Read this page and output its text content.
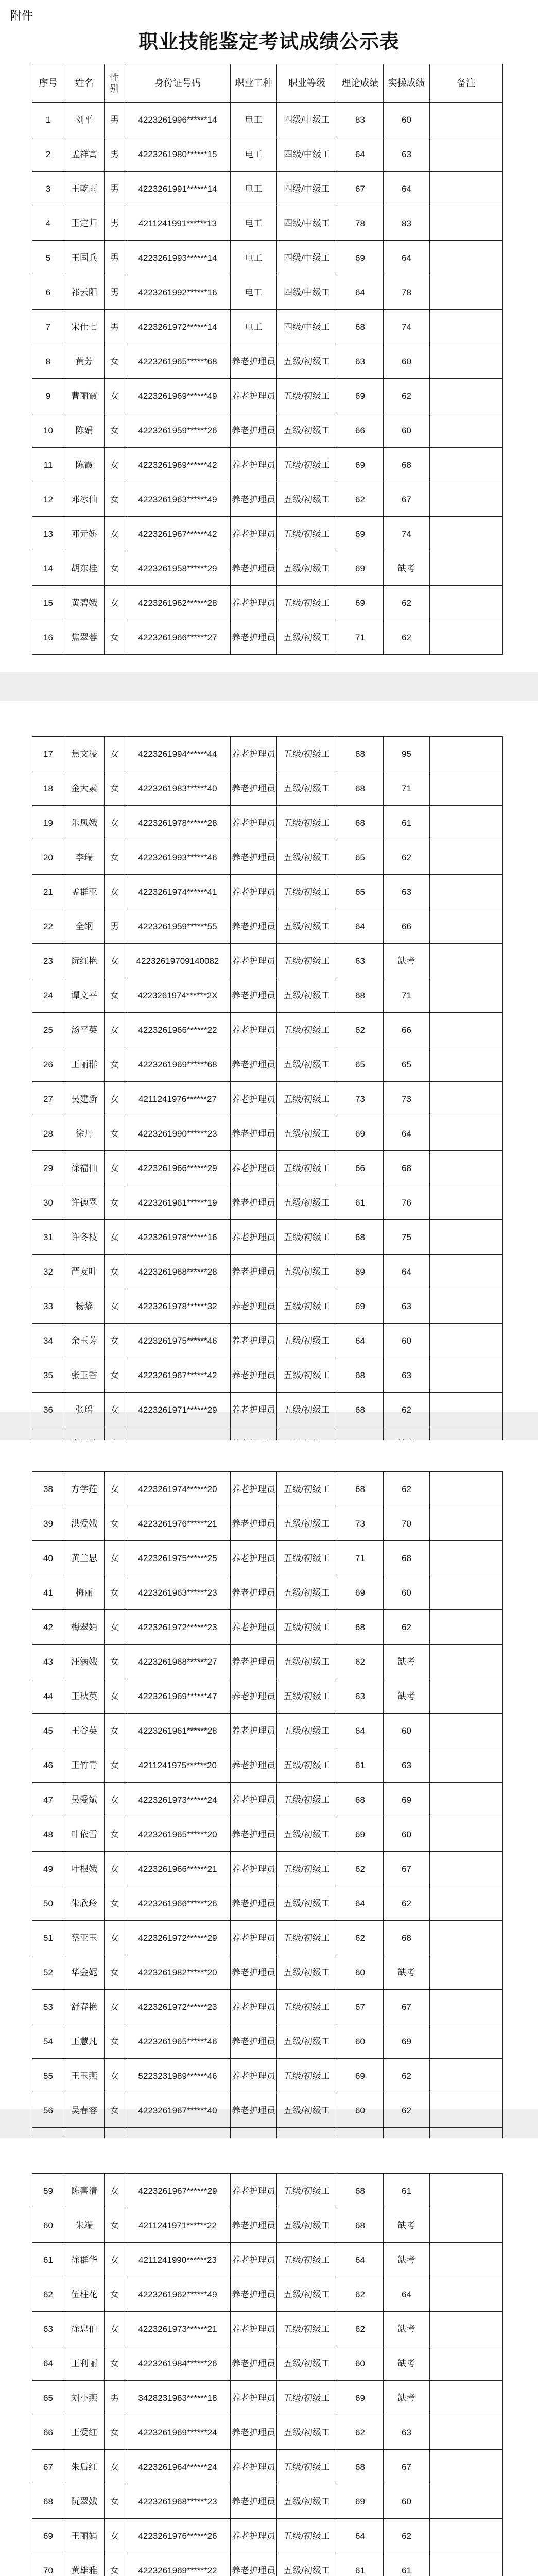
附件
职业技能鉴定考试成绩公示表
序号	姓名	性别	身份证号码	职业工种	职业等级	理论成绩	实操成绩	备注
1	刘平	男	4223261996******14	电工	四级/中级工	83	60	
2	孟祥寓	男	4223261980******15	电工	四级/中级工	64	63	
3	王乾雨	男	4223261991******14	电工	四级/中级工	67	64	
4	王定归	男	4211241991******13	电工	四级/中级工	78	83	
5	王国兵	男	4223261993******14	电工	四级/中级工	69	64	
6	祁云阳	男	4223261992******16	电工	四级/中级工	64	78	
7	宋仕七	男	4223261972******14	电工	四级/中级工	68	74	
8	黄芳	女	4223261965******68	养老护理员	五级/初级工	63	60	
9	曹丽霞	女	4223261969******49	养老护理员	五级/初级工	69	62	
10	陈娟	女	4223261959******26	养老护理员	五级/初级工	66	60	
11	陈霞	女	4223261969******42	养老护理员	五级/初级工	69	68	
12	邓冰仙	女	4223261963******49	养老护理员	五级/初级工	62	67	
13	邓元娇	女	4223261967******42	养老护理员	五级/初级工	69	74	
14	胡东桂	女	4223261958******29	养老护理员	五级/初级工	69	缺考	
15	黄碧娥	女	4223261962******28	养老护理员	五级/初级工	69	62	
16	焦翠蓉	女	4223261966******27	养老护理员	五级/初级工	71	62	
17	焦文凌	女	4223261994******44	养老护理员	五级/初级工	68	95	
18	金大素	女	4223261983******40	养老护理员	五级/初级工	68	71	
19	乐凤娥	女	4223261978******28	养老护理员	五级/初级工	68	61	
20	李瑞	女	4223261993******46	养老护理员	五级/初级工	65	62	
21	孟群亚	女	4223261974******41	养老护理员	五级/初级工	65	63	
22	全纲	男	4223261959******55	养老护理员	五级/初级工	64	66	
23	阮红艳	女	42232619709140082	养老护理员	五级/初级工	63	缺考	
24	谭文平	女	4223261974******2X	养老护理员	五级/初级工	68	71	
25	汤平英	女	4223261966******22	养老护理员	五级/初级工	62	66	
26	王丽群	女	4223261969******68	养老护理员	五级/初级工	65	65	
27	吴建新	女	4211241976******27	养老护理员	五级/初级工	73	73	
28	徐丹	女	4223261990******23	养老护理员	五级/初级工	69	64	
29	徐福仙	女	4223261966******29	养老护理员	五级/初级工	66	68	
30	许德翠	女	4223261961******19	养老护理员	五级/初级工	61	76	
31	许冬枝	女	4223261978******16	养老护理员	五级/初级工	68	75	
32	严友叶	女	4223261968******28	养老护理员	五级/初级工	69	64	
33	杨黎	女	4223261978******32	养老护理员	五级/初级工	69	63	
34	余玉芳	女	4223261975******46	养老护理员	五级/初级工	64	60	
35	张玉香	女	4223261967******42	养老护理员	五级/初级工	68	63	
36	张瑶	女	4223261971******29	养老护理员	五级/初级工	68	62	

38	方学莲	女	4223261974******20	养老护理员	五级/初级工	68	62	
39	洪爱娥	女	4223261976******21	养老护理员	五级/初级工	73	70	
40	黄兰思	女	4223261975******25	养老护理员	五级/初级工	71	68	
41	梅丽	女	4223261963******23	养老护理员	五级/初级工	69	60	
42	梅翠娟	女	4223261972******23	养老护理员	五级/初级工	68	62	
43	汪满娥	女	4223261968******27	养老护理员	五级/初级工	62	缺考	
44	王秋英	女	4223261969******47	养老护理员	五级/初级工	63	缺考	
45	王谷英	女	4223261961******28	养老护理员	五级/初级工	64	60	
46	王竹青	女	4211241975******20	养老护理员	五级/初级工	61	63	
47	吴爱斌	女	4223261973******24	养老护理员	五级/初级工	68	69	
48	叶依雪	女	4223261965******20	养老护理员	五级/初级工	69	60	
49	叶根娥	女	4223261966******21	养老护理员	五级/初级工	62	67	
50	朱欣玲	女	4223261966******26	养老护理员	五级/初级工	64	62	
51	蔡亚玉	女	4223261972******29	养老护理员	五级/初级工	62	68	
52	华金妮	女	4223261982******20	养老护理员	五级/初级工	60	缺考	
53	舒春艳	女	4223261972******23	养老护理员	五级/初级工	67	67	
54	王慧凡	女	4223261965******46	养老护理员	五级/初级工	60	69	
55	王玉燕	女	5223231989******46	养老护理员	五级/初级工	69	62	
56	吴春容	女	4223261967******40	养老护理员	五级/初级工	60	62	

59	陈喜清	女	4223261967******29	养老护理员	五级/初级工	68	61	
60	朱端	女	4211241971******22	养老护理员	五级/初级工	68	缺考	
61	徐群华	女	4211241990******23	养老护理员	五级/初级工	64	缺考	
62	伍柱花	女	4223261962******49	养老护理员	五级/初级工	62	64	
63	徐忠伯	女	4223261973******21	养老护理员	五级/初级工	62	缺考	
64	王利丽	女	4223261984******26	养老护理员	五级/初级工	60	缺考	
65	刘小燕	男	3428231963******18	养老护理员	五级/初级工	69	缺考	
66	王爱红	女	4223261969******24	养老护理员	五级/初级工	62	63	
67	朱后红	女	4223261964******24	养老护理员	五级/初级工	68	67	
68	阮翠娥	女	4223261968******23	养老护理员	五级/初级工	69	60	
69	王丽娟	女	4223261976******26	养老护理员	五级/初级工	64	62	
70	黄雄雅	女	4223261969******22	养老护理员	五级/初级工	61	61	
